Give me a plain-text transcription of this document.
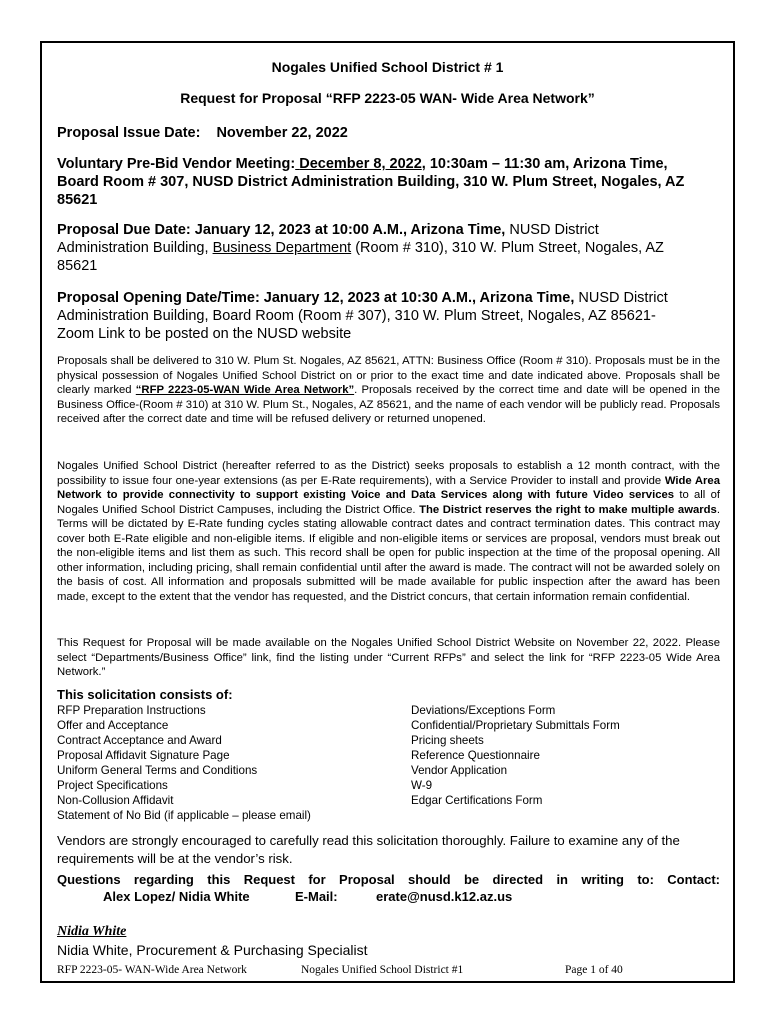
Nogales Unified School District # 1
Request for Proposal “RFP 2223-05 WAN- Wide Area Network”
Proposal Issue Date: November 22, 2022
Voluntary Pre-Bid Vendor Meeting: December 8, 2022, 10:30am – 11:30 am, Arizona Time,
Board Room # 307, NUSD District Administration Building, 310 W. Plum Street, Nogales, AZ
85621
Proposal Due Date: January 12, 2023 at 10:00 A.M., Arizona Time, NUSD District
Administration Building, Business Department (Room # 310), 310 W. Plum Street, Nogales, AZ
85621
Proposal Opening Date/Time: January 12, 2023 at 10:30 A.M., Arizona Time, NUSD District
Administration Building, Board Room (Room # 307), 310 W. Plum Street, Nogales, AZ 85621-
Zoom Link to be posted on the NUSD website
Proposals shall be delivered to 310 W. Plum St. Nogales, AZ 85621, ATTN: Business Office (Room # 310). Proposals must be in the physical possession of Nogales Unified School District on or prior to the exact time and date indicated above. Proposals shall be clearly marked “RFP 2223-05-WAN Wide Area Network”. Proposals received by the correct time and date will be opened in the Business Office-(Room # 310) at 310 W. Plum St., Nogales, AZ 85621, and the name of each vendor will be publicly read. Proposals received after the correct date and time will be refused delivery or returned unopened.
Nogales Unified School District (hereafter referred to as the District) seeks proposals to establish a 12 month contract, with the possibility to issue four one-year extensions (as per E-Rate requirements), with a Service Provider to install and provide Wide Area Network to provide connectivity to support existing Voice and Data Services along with future Video services to all of Nogales Unified School District Campuses, including the District Office. The District reserves the right to make multiple awards. Terms will be dictated by E-Rate funding cycles stating allowable contract dates and contract termination dates. This contract may cover both E-Rate eligible and non-eligible items. If eligible and non-eligible items or services are proposal, vendors must break out the non-eligible items and list them as such. This record shall be open for public inspection at the time of the proposal opening. All other information, including pricing, shall remain confidential until after the award is made. The contract will not be awarded solely on the basis of cost. All information and proposals submitted will be made available for public inspection after the award has been made, except to the extent that the vendor has requested, and the District concurs, that certain information remain confidential.
This Request for Proposal will be made available on the Nogales Unified School District Website on November 22, 2022. Please select “Departments/Business Office” link, find the listing under “Current RFPs” and select the link for “RFP 2223-05 Wide Area Network.”
This solicitation consists of:
RFP Preparation Instructions
Offer and Acceptance
Contract Acceptance and Award
Proposal Affidavit Signature Page
Uniform General Terms and Conditions
Project Specifications
Non-Collusion Affidavit
Statement of No Bid (if applicable – please email)
Deviations/Exceptions Form
Confidential/Proprietary Submittals Form
Pricing sheets
Reference Questionnaire
Vendor Application
W-9
Edgar Certifications Form
Vendors are strongly encouraged to carefully read this solicitation thoroughly. Failure to examine any of the requirements will be at the vendor’s risk.
Questions regarding this Request for Proposal should be directed in writing to: Contact:
Alex Lopez/ Nidia White	E-Mail:	erate@nusd.k12.az.us
Nidia White
Nidia White, Procurement & Purchasing Specialist
RFP 2223-05- WAN-Wide Area Network	Nogales Unified School District #1	Page 1 of 40
